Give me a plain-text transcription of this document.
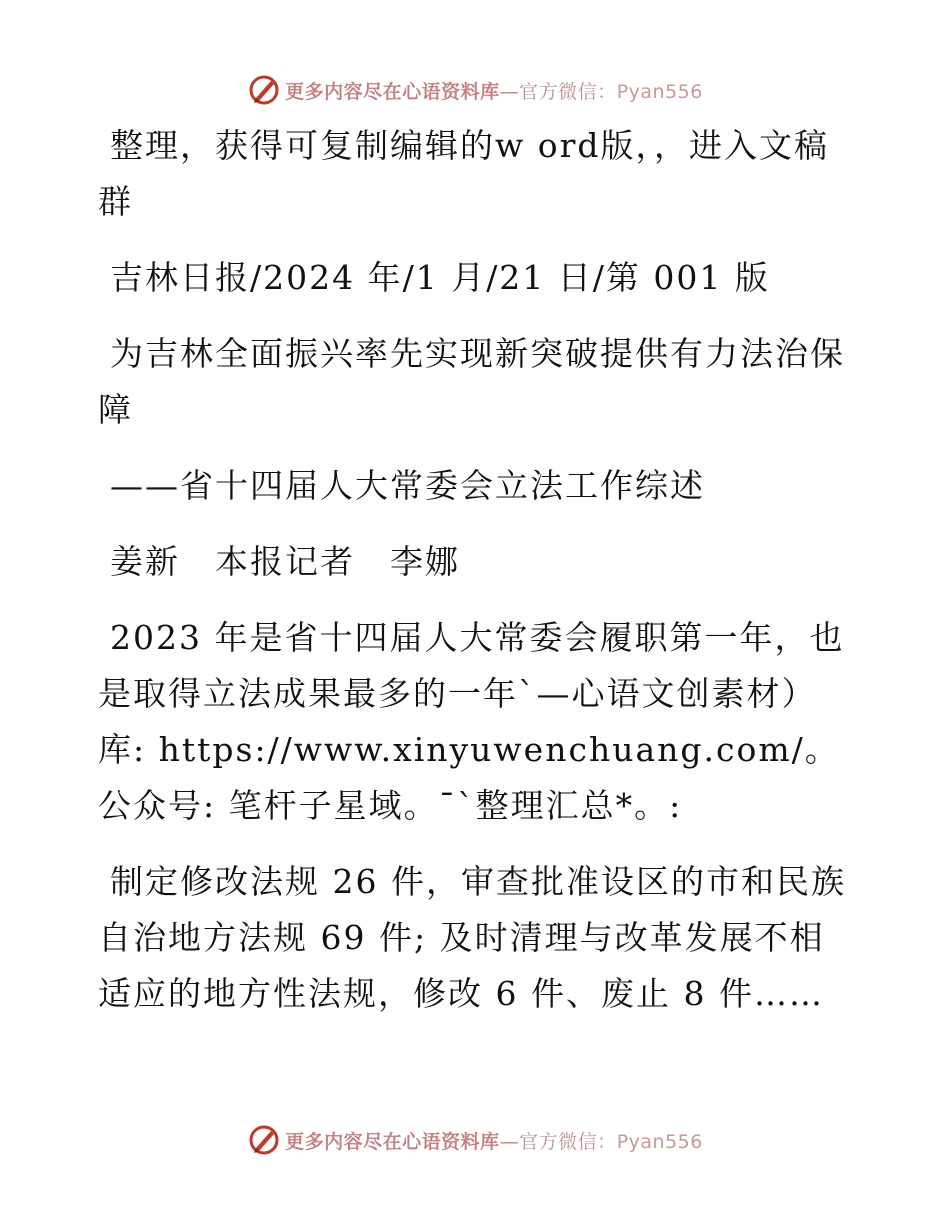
更多内容尽在心语资料库—官方微信：Pyan556

整理，获得可复制编辑的w ord版，，进入文稿群

吉林日报/2024 年/1 月/21 日/第 001 版

为吉林全面振兴率先实现新突破提供有力法治保障

——省十四届人大常委会立法工作综述

姜新　本报记者　李娜

2023 年是省十四届人大常委会履职第一年，也是取得立法成果最多的一年`—心语文创素材）库: https://www.xinyuwenchuang.com/。公众号: 笔杆子星域。¯`整理汇总*。:

制定修改法规 26 件，审查批准设区的市和民族自治地方法规 69 件; 及时清理与改革发展不相适应的地方性法规，修改 6 件、废止 8 件……

更多内容尽在心语资料库—官方微信：Pyan556
